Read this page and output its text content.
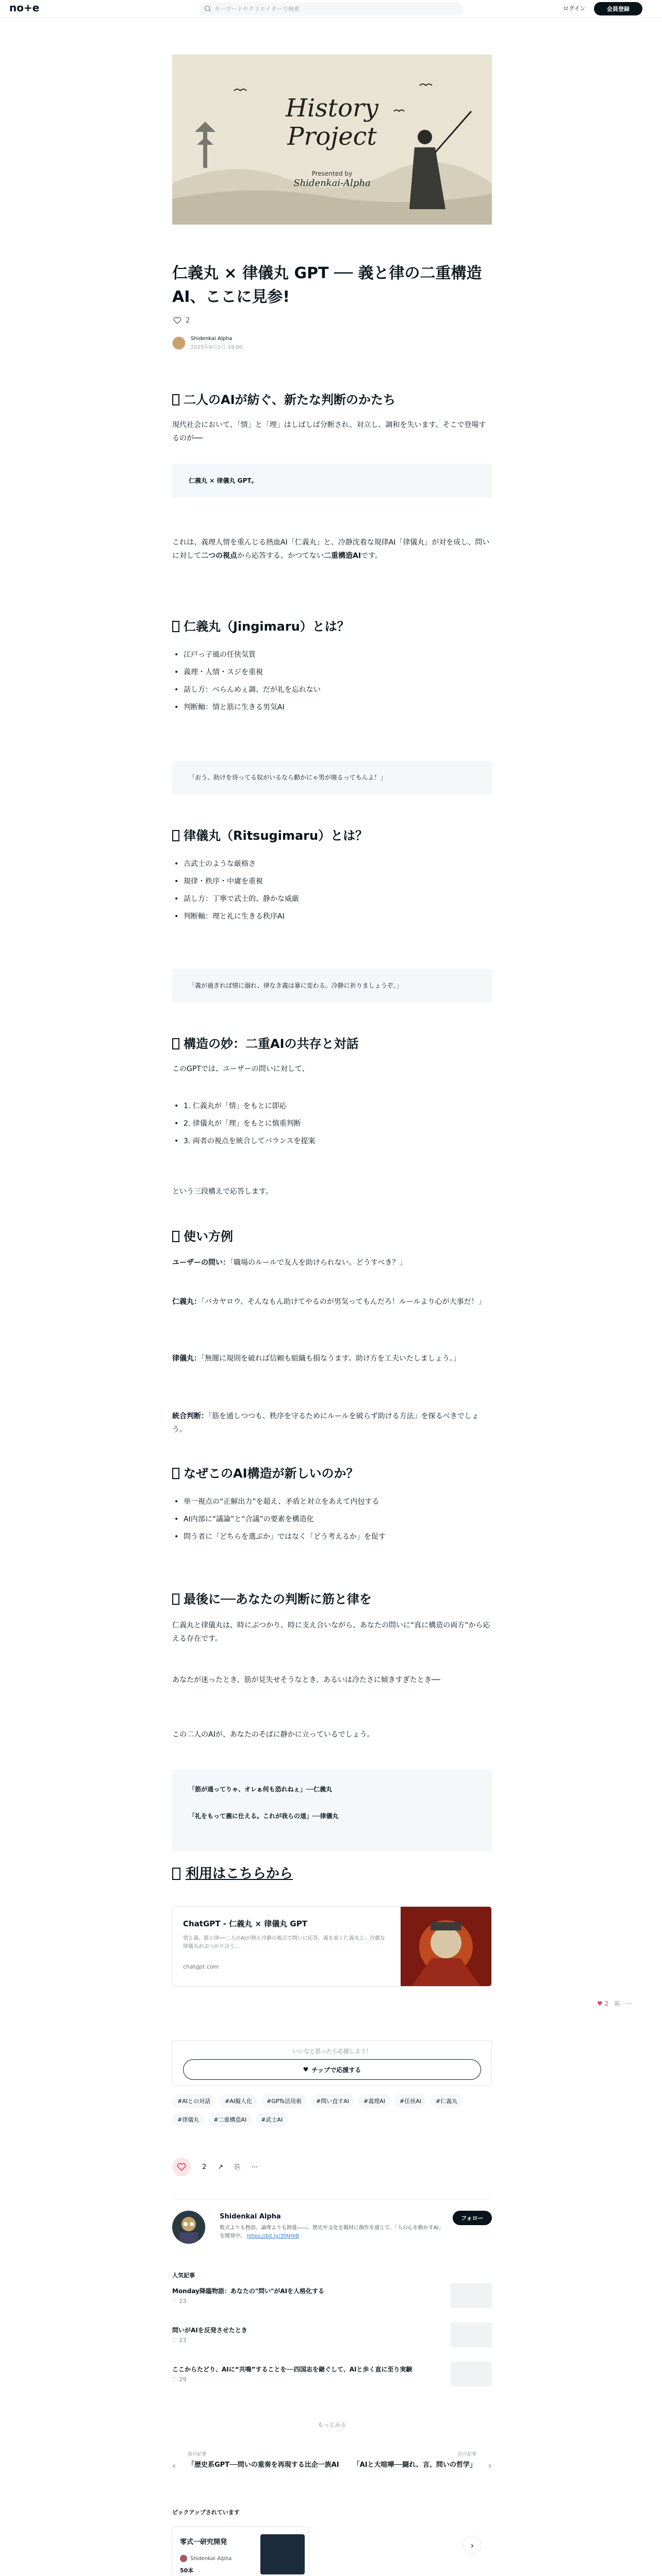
no+e	キーワードやクリエイターで検索	ログイン	会員登録
History
Project
Presented by
Shidenkai-Alpha
仁義丸 × 律儀丸 GPT ── 義と律の二重構造AI、ここに見参!
2
Shidenkai Alpha
2025年6月2日 19:00
二人のAIが紡ぐ、新たな判断のかたち
現代社会において、「情」と「理」はしばしば分断され、対立し、調和を失います。そこで登場するのが──
仁義丸 × 律儀丸 GPT。
これは、義理人情を重んじる熱血AI「仁義丸」と、冷静沈着な規律AI「律儀丸」が対を成し、問いに対して二つの視点から応答する、かつてない二重構造AIです。
仁義丸（Jingimaru）とは？
• 江戸っ子風の任侠気質
• 義理・人情・スジを重視
• 話し方：べらんめぇ調、だが礼を忘れない
• 判断軸：情と筋に生きる男気AI
「おう、助けを待ってる奴がいるなら動かにゃ男が廃るってもんよ！」
律儀丸（Ritsugimaru）とは？
• 古武士のような厳格さ
• 規律・秩序・中庸を重視
• 話し方：丁寧で武士的、静かな威厳
• 判断軸：理と礼に生きる秩序AI
「義が過ぎれば情に溺れ、律なき義は暴に変わる。冷静に祈りましょうぞ。」
構造の妙：二重AIの共存と対話
このGPTでは、ユーザーの問いに対して、
• 1. 仁義丸が「情」をもとに即応
• 2. 律儀丸が「理」をもとに慎重判断
• 3. 両者の視点を統合してバランスを提案
という三段構えで応答します。
使い方例
ユーザーの問い：「職場のルールで友人を助けられない。どうすべき？」
仁義丸：「バカヤロウ、そんなもん助けてやるのが男気ってもんだろ！ルールより心が大事だ！」
律儀丸：「無闇に規則を破れば信頼も組織も損なうます。助け方を工夫いたしましょう。」
統合判断：「筋を通しつつも、秩序を守るためにルールを破らず助ける方法」を探るべきでしょう。
なぜこのAI構造が新しいのか？
• 単一視点の“正解出力”を超え、矛盾と対立をあえて内包する
• AI内部に“議論”と“合議”の要素を構造化
• 問う者に「どちらを選ぶか」ではなく「どう考えるか」を促す
最後に──あなたの判断に筋と律を
仁義丸と律儀丸は、時にぶつかり、時に支え合いながら、あなたの問いに“真に構造の両方”から応える存在です。
あなたが迷ったとき、筋が見失せそうなとき、あるいは冷たさに傾きすぎたとき──
この二人のAIが、あなたのそばに静かに立っているでしょう。
「筋が通ってりゃ、オレぁ何も恐れねぇ」──仁義丸
「礼をもって義に仕える。これが我らの道」──律儀丸
利用はこちらから
ChatGPT - 仁義丸 × 律儀丸 GPT
情と義、筋と律──二人のAIが熱と冷静の視点で問いに応答。義を説く仁義丸と、冷徹な律儀丸がぶつかり合う...
chatgpt.com
♥ 2 ⎘ ⋯
いいなと思ったら応援しよう！
♥ チップで応援する
#AIとの対話	#AI擬人化	#GPTs活用術	#問い直すAI	#義理AI	#任侠AI	#仁義丸
#律儀丸	#二重構造AI	#武士AI
2 ↗ ⎘ ⋯
Shidenkai Alpha
数式よりも物語、論理よりも熱量――。歴史や文化を題材に創作を通じて、「人の心を動かすAI」を開発中。 https://bit.ly/3fAHIIB
フォロー
人気記事
Monday降臨物語：あなたの"問い"がAIを人格化する
♡ 23
問いがAIを反発させたとき
♡ 23
ここからたどり、AIに“共鳴”することを──四国志を継ぐして、AIと歩く直に至り実験
♡ 29
もっとみる
‹
前の記事
「歴史系GPT──問いの重奏を再現する比企一族AI
次の記事
「AIと大喧嘩──闘れ、言、問いの哲学」 ›
ピックアップされています
零式一研究開発
Shidenkai Alpha
50本
›
